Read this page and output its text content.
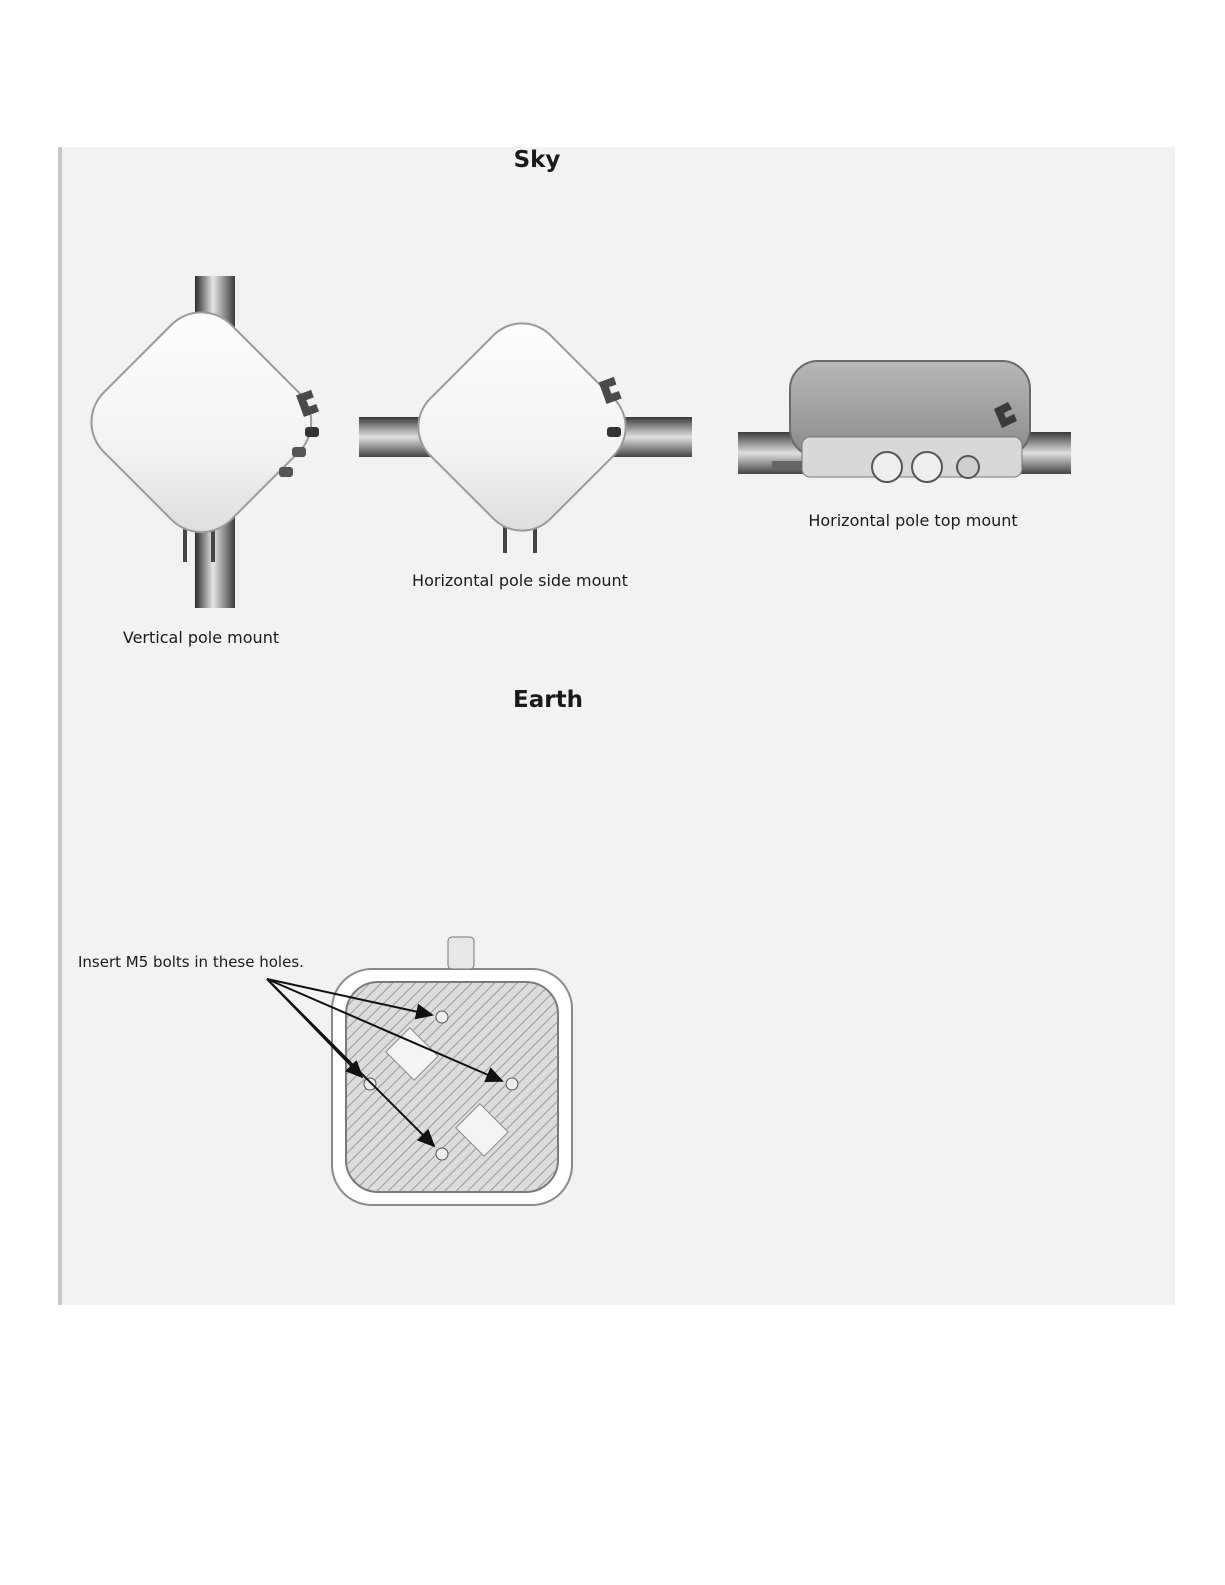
Sky
Vertical pole mount
Horizontal pole side mount
Horizontal pole top mount
Earth
Insert M5 bolts in these holes.
